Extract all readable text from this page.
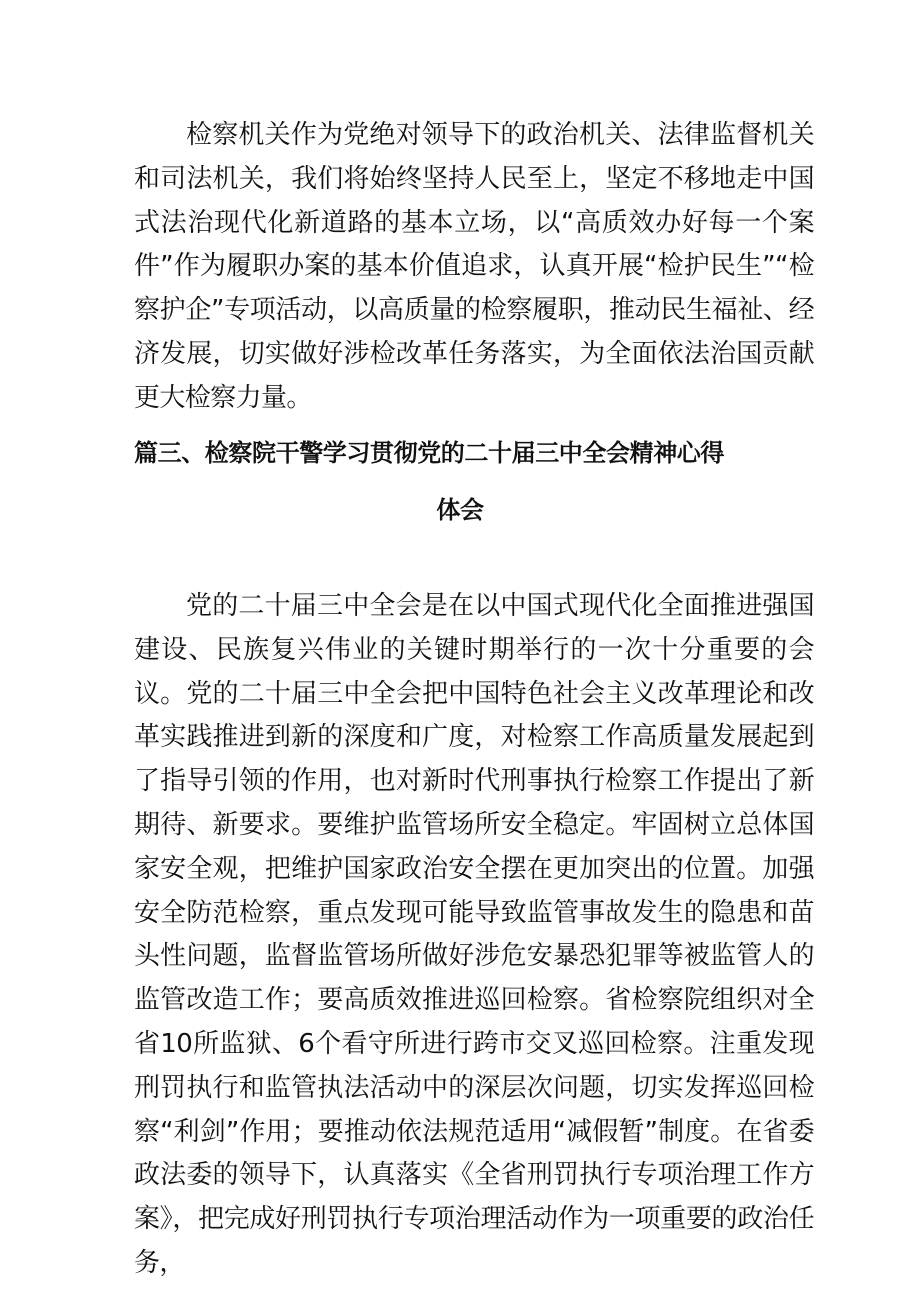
检察机关作为党绝对领导下的政治机关、法律监督机关和司法机关，我们将始终坚持人民至上，坚定不移地走中国式法治现代化新道路的基本立场，以“高质效办好每一个案件”作为履职办案的基本价值追求，认真开展“检护民生”“检察护企”专项活动，以高质量的检察履职，推动民生福祉、经济发展，切实做好涉检改革任务落实，为全面依法治国贡献更大检察力量。

篇三、检察院干警学习贯彻党的二十届三中全会精神心得
体会

党的二十届三中全会是在以中国式现代化全面推进强国建设、民族复兴伟业的关键时期举行的一次十分重要的会议。党的二十届三中全会把中国特色社会主义改革理论和改革实践推进到新的深度和广度，对检察工作高质量发展起到了指导引领的作用，也对新时代刑事执行检察工作提出了新期待、新要求。要维护监管场所安全稳定。牢固树立总体国家安全观，把维护国家政治安全摆在更加突出的位置。加强安全防范检察，重点发现可能导致监管事故发生的隐患和苗头性问题，监督监管场所做好涉危安暴恐犯罪等被监管人的监管改造工作；要高质效推进巡回检察。省检察院组织对全省10所监狱、6个看守所进行跨市交叉巡回检察。注重发现刑罚执行和监管执法活动中的深层次问题，切实发挥巡回检察“利剑”作用；要推动依法规范适用“减假暂”制度。在省委政法委的领导下，认真落实《全省刑罚执行专项治理工作方案》，把完成好刑罚执行专项治理活动作为一项重要的政治任务，
